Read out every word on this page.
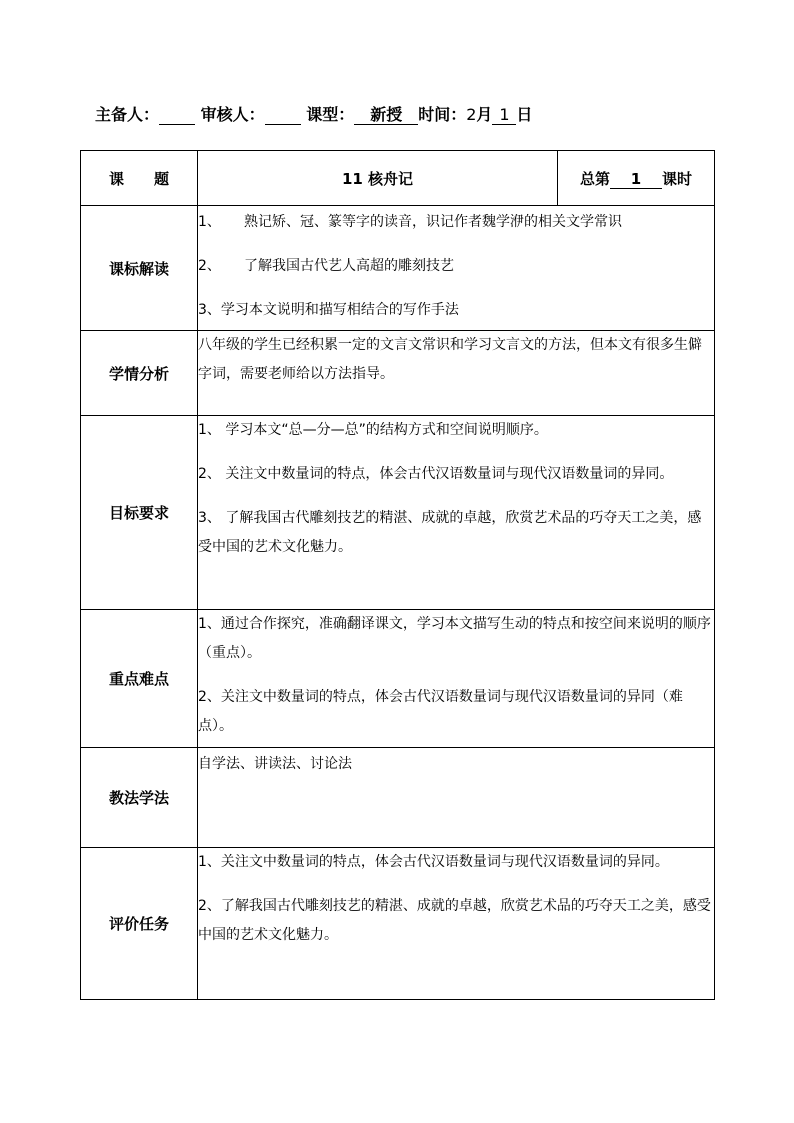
主备人：	审核人：	课型： 新授 时间：2月 1 日
课　　题	11 核舟记	总第 1 课时
课标解读	1、 熟记矫、冠、篆等字的读音，识记作者魏学洢的相关文学常识

2、 了解我国古代艺人高超的雕刻技艺

3、学习本文说明和描写相结合的写作手法	

学情分析	八年级的学生已经积累一定的文言文常识和学习文言文的方法，但本文有很多生僻字词，需要老师给以方法指导。	
目标要求	1、 学习本文“总—分—总”的结构方式和空间说明顺序。

2、 关注文中数量词的特点，体会古代汉语数量词与现代汉语数量词的异同。

3、 了解我国古代雕刻技艺的精湛、成就的卓越，欣赏艺术品的巧夺天工之美，感受中国的艺术文化魅力。	

重点难点	1、通过合作探究，准确翻译课文，学习本文描写生动的特点和按空间来说明的顺序（重点）。

2、关注文中数量词的特点，体会古代汉语数量词与现代汉语数量词的异同（难点）。	

教法学法	自学法、讲读法、讨论法	
评价任务	1、关注文中数量词的特点，体会古代汉语数量词与现代汉语数量词的异同。

2、了解我国古代雕刻技艺的精湛、成就的卓越，欣赏艺术品的巧夺天工之美，感受中国的艺术文化魅力。	
